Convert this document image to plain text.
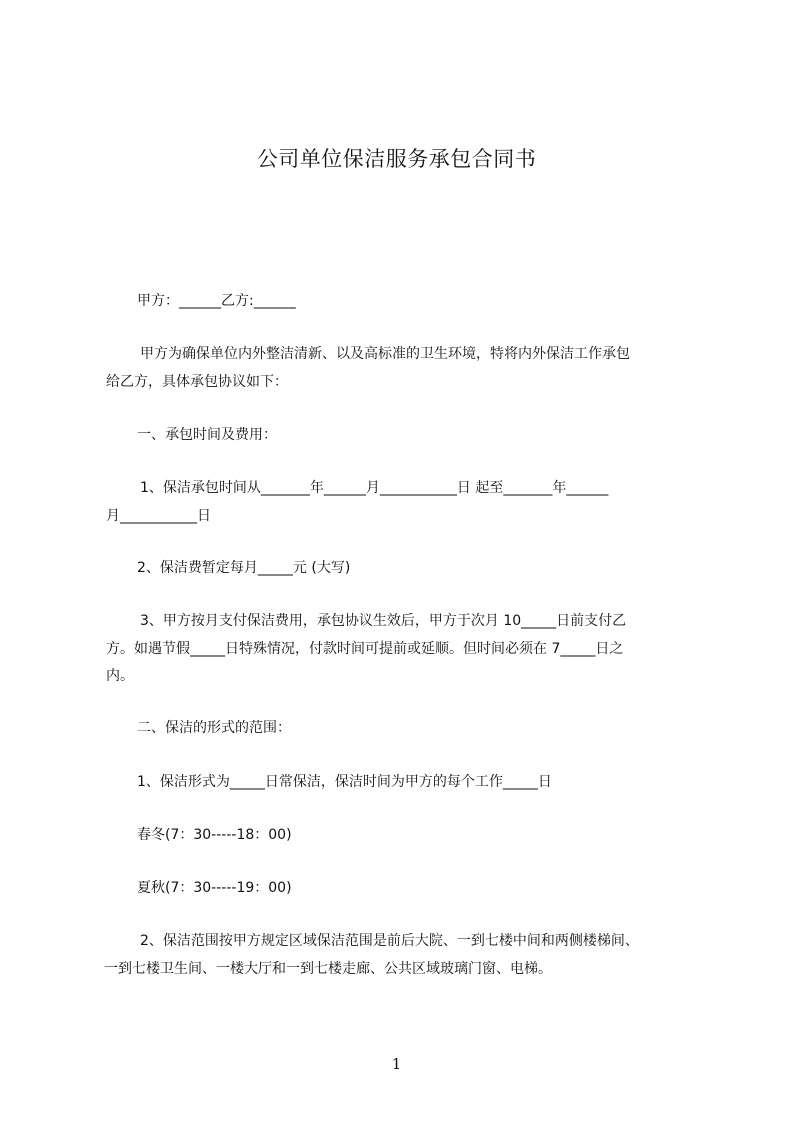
公司单位保洁服务承包合同书
甲方：______乙方:______
甲方为确保单位内外整洁清新、以及高标准的卫生环境，特将内外保洁工作承包
给乙方，具体承包协议如下：
一、承包时间及费用：
1、保洁承包时间从_______年______月___________日 起至_______年______
月___________日
2、保洁费暂定每月_____元 (大写)
3、甲方按月支付保洁费用，承包协议生效后，甲方于次月 10_____日前支付乙
方。如遇节假_____日特殊情况，付款时间可提前或延顺。但时间必须在 7_____日之
内。
二、保洁的形式的范围：
1、保洁形式为_____日常保洁，保洁时间为甲方的每个工作_____日
春冬(7：30-----18：00)
夏秋(7：30-----19：00)
2、保洁范围按甲方规定区域保洁范围是前后大院、一到七楼中间和两侧楼梯间、
一到七楼卫生间、一楼大厅和一到七楼走廊、公共区域玻璃门窗、电梯。
1
